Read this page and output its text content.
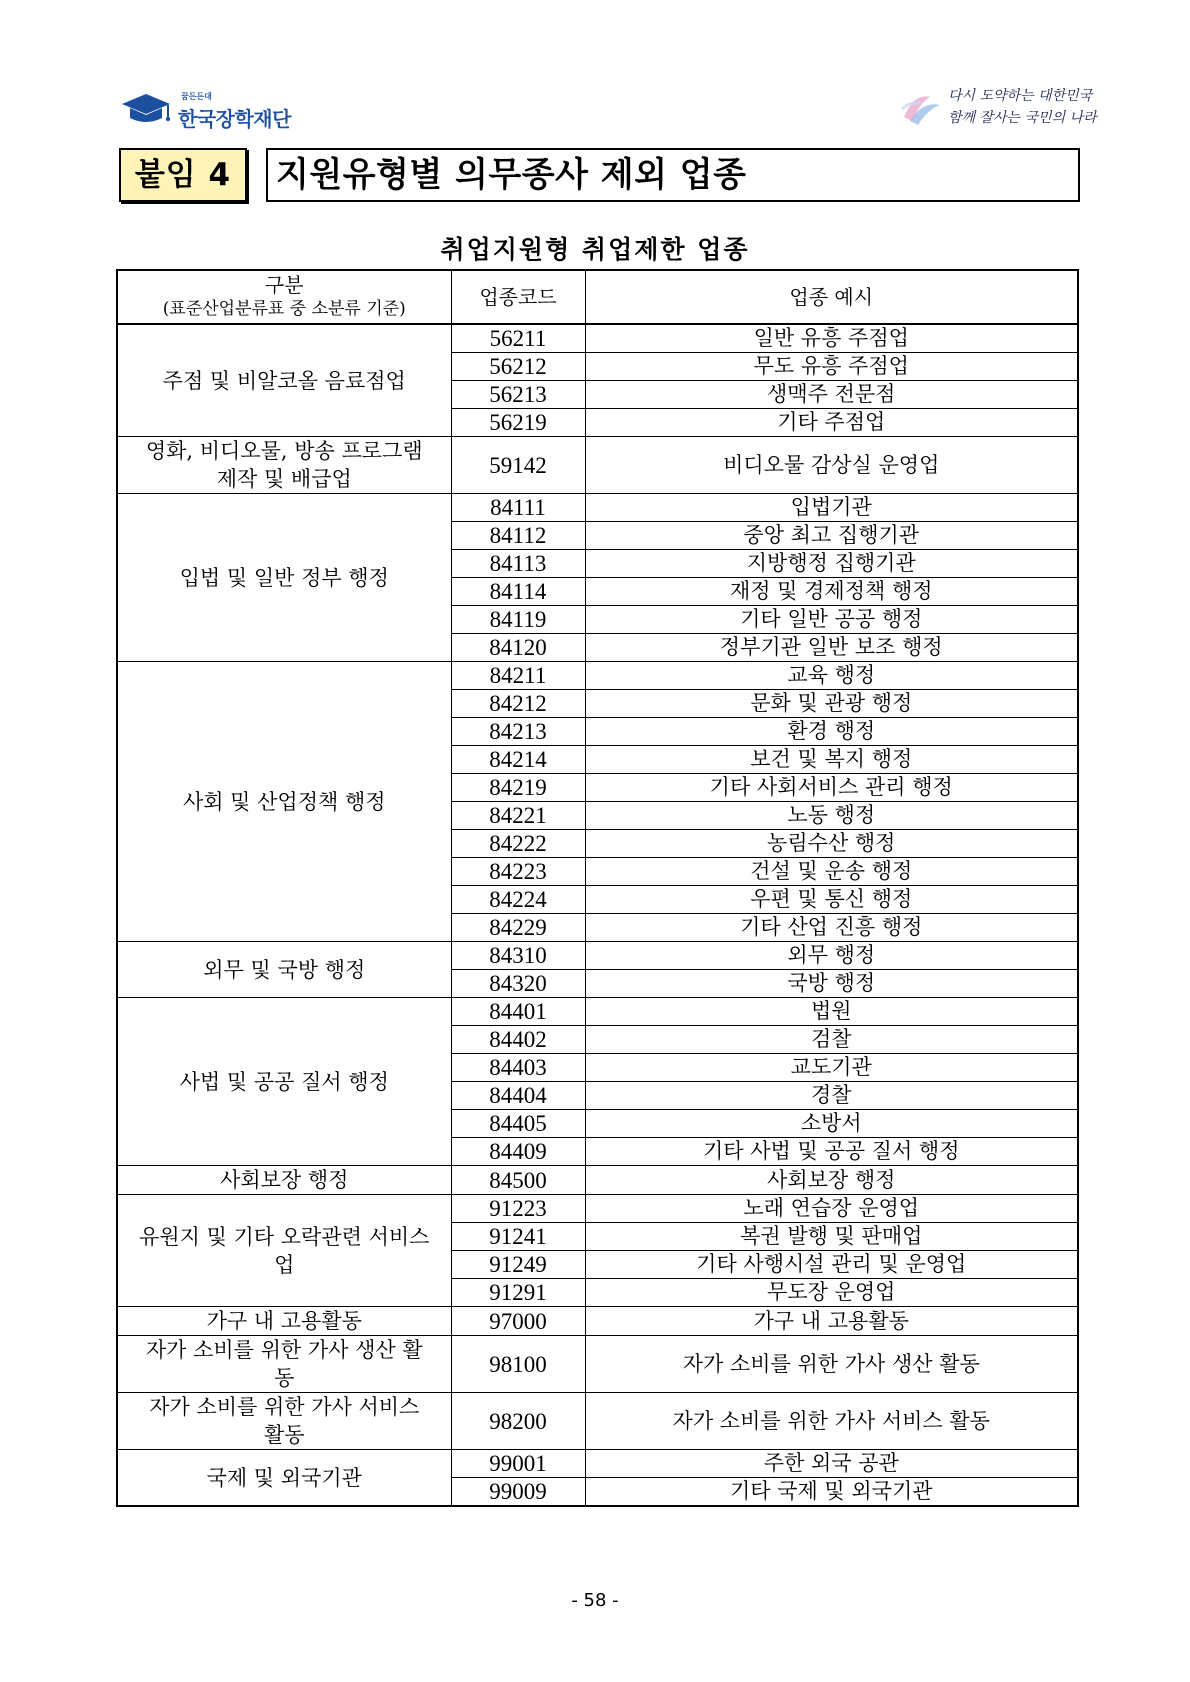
꿈든든대
한국장학재단
다시 도약하는 대한민국
함께 잘사는 국민의 나라
붙임 4	지원유형별 의무종사 제외 업종
취업지원형 취업제한 업종
구분
(표준산업분류표 중 소분류 기준)	업종코드	업종 예시
주점 및 비알코올 음료점업	56211	일반 유흥 주점업
	56212	무도 유흥 주점업
	56213	생맥주 전문점
	56219	기타 주점업
영화, 비디오물, 방송 프로그램 제작 및 배급업	59142	비디오물 감상실 운영업
입법 및 일반 정부 행정	84111	입법기관
	84112	중앙 최고 집행기관
	84113	지방행정 집행기관
	84114	재정 및 경제정책 행정
	84119	기타 일반 공공 행정
	84120	정부기관 일반 보조 행정
사회 및 산업정책 행정	84211	교육 행정
	84212	문화 및 관광 행정
	84213	환경 행정
	84214	보건 및 복지 행정
	84219	기타 사회서비스 관리 행정
	84221	노동 행정
	84222	농림수산 행정
	84223	건설 및 운송 행정
	84224	우편 및 통신 행정
	84229	기타 산업 진흥 행정
외무 및 국방 행정	84310	외무 행정
	84320	국방 행정
사법 및 공공 질서 행정	84401	법원
	84402	검찰
	84403	교도기관
	84404	경찰
	84405	소방서
	84409	기타 사법 및 공공 질서 행정
사회보장 행정	84500	사회보장 행정
유원지 및 기타 오락관련 서비스업	91223	노래 연습장 운영업
	91241	복권 발행 및 판매업
	91249	기타 사행시설 관리 및 운영업
	91291	무도장 운영업
가구 내 고용활동	97000	가구 내 고용활동
자가 소비를 위한 가사 생산 활동	98100	자가 소비를 위한 가사 생산 활동
자가 소비를 위한 가사 서비스 활동	98200	자가 소비를 위한 가사 서비스 활동
국제 및 외국기관	99001	주한 외국 공관
	99009	기타 국제 및 외국기관
- 58 -
